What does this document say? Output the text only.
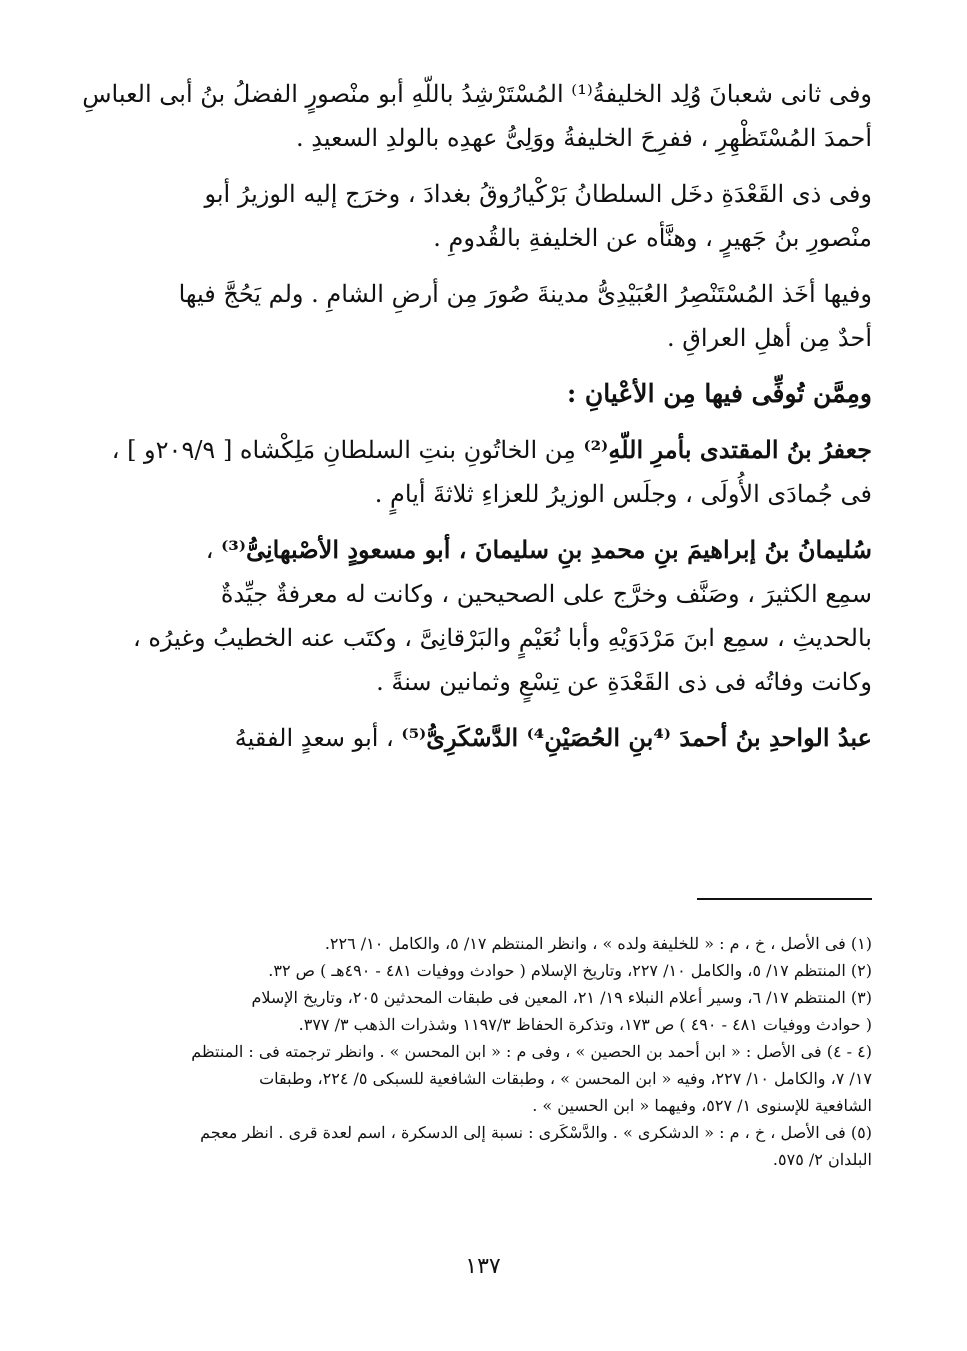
وفى ثانى شعبانَ وُلِد الخليفةُ⁽¹⁾ المُسْتَرْشِدُ باللّهِ أبو منْصورٍ الفضلُ بنُ أبى العباسِ
أحمدَ المُسْتَظْهِرِ ، ففرِحَ الخليفةُ ووَلِىُّ عهدِه بالولدِ السعيدِ .
وفى ذى القَعْدَةِ دخَل السلطانُ بَرْكْيارُوقُ بغدادَ ، وخرَج إليه الوزيرُ أبو
منْصورِ بنُ جَهيرٍ ، وهنَّأه عن الخليفةِ بالقُدومِ .
وفيها أخَذ المُسْتَنْصِرُ العُبَيْدِىُّ مدينةَ صُورَ مِن أرضِ الشامِ . ولم يَحُجَّ فيها
أحدٌ مِن أهلِ العراقِ .
ومِمَّن تُوفِّى فيها مِن الأعْيانِ :
جعفرُ بنُ المقتدى بأمرِ اللّهِ⁽²⁾ مِن الخاتُونِ بنتِ السلطانِ مَلِكْشاه [ ٢٠٩/٩و ] ،
فى جُمادَى الأُولَى ، وجلَس الوزيرُ للعزاءِ ثلاثةَ أيامٍ .
سُليمانُ بنُ إبراهيمَ بنِ محمدِ بنِ سليمانَ ، أبو مسعودٍ الأصْبهانِىُّ⁽³⁾ ،
سمِع الكثيرَ ، وصَنَّف وخرَّج على الصحيحين ، وكانت له معرفةٌ جيِّدةٌ
بالحديثِ ، سمِع ابنَ مَرْدَوَيْهِ وأبا نُعَيْمٍ والبَرْقانِىَّ ، وكتَب عنه الخطيبُ وغيرُه ،
وكانت وفاتُه فى ذى القَعْدَةِ عن تِسْعٍ وثمانين سنةً .
عبدُ الواحدِ بنُ أحمدَ ⁽⁴بنِ الحُصَيْنِ⁴⁾ الدَّسْكَرِىُّ⁽⁵⁾ ، أبو سعدٍ الفقيهُ
(١) فى الأصل ، خ ، م : « للخليفة ولده » ، وانظر المنتظم ١٧/ ٥، والكامل ١٠/ ٢٢٦.
(٢) المنتظم ١٧/ ٥، والكامل ١٠/ ٢٢٧، وتاريخ الإسلام ( حوادث ووفيات ٤٨١ - ٤٩٠هـ ) ص ٣٢.
(٣) المنتظم ١٧/ ٦، وسير أعلام النبلاء ١٩/ ٢١، المعين فى طبقات المحدثين ٢٠٥، وتاريخ الإسلام
( حوادث ووفيات ٤٨١ - ٤٩٠ ) ص ١٧٣، وتذكرة الحفاظ ١١٩٧/٣ وشذرات الذهب ٣/ ٣٧٧.
(٤ - ٤) فى الأصل : « ابن أحمد بن الحصين » ، وفى م : « ابن المحسن » . وانظر ترجمته فى : المنتظم
١٧/ ٧، والكامل ١٠/ ٢٢٧، وفيه « ابن المحسن » ، وطبقات الشافعية للسبكى ٥/ ٢٢٤، وطبقات
الشافعية للإسنوى ١/ ٥٢٧، وفيهما « ابن الحسين » .
(٥) فى الأصل ، خ ، م : « الدشكرى » . والدَّسْكَرى : نسبة إلى الدسكرة ، اسم لعدة قرى . انظر معجم
البلدان ٢/ ٥٧٥.
١٣٧
